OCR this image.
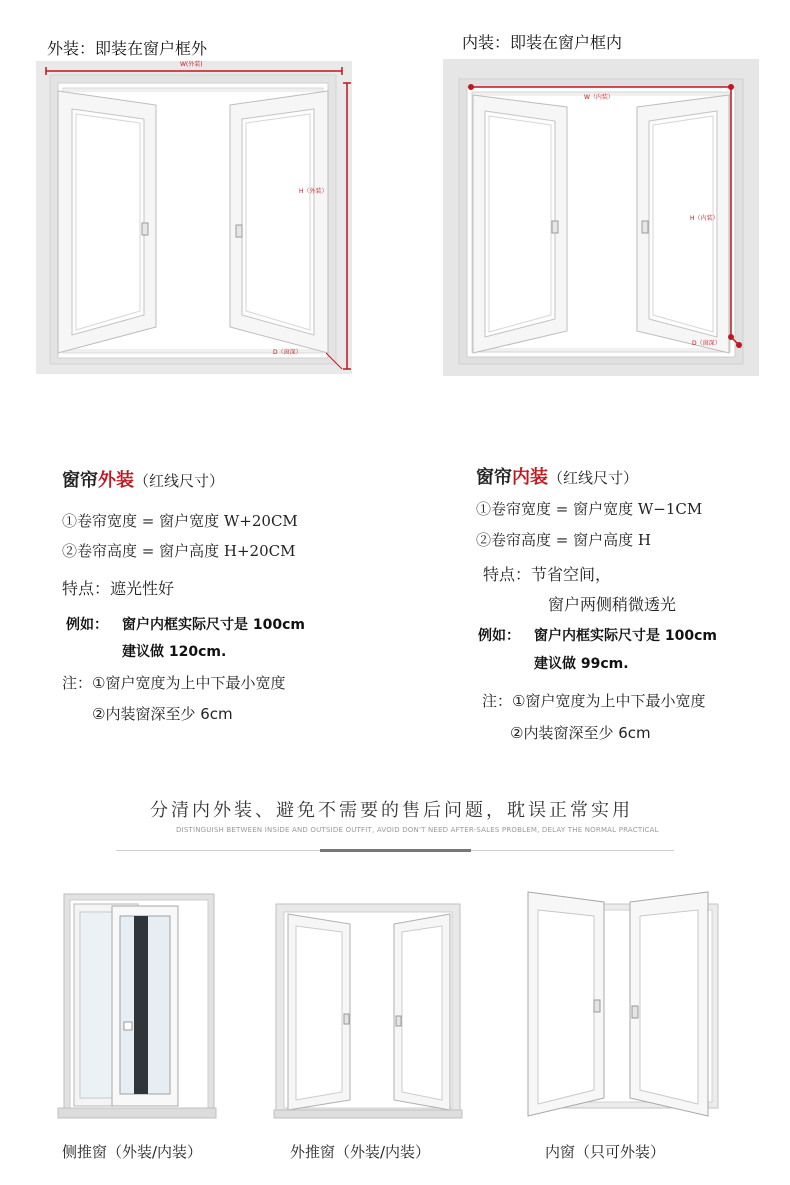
外装：即装在窗户框外	内装：即装在窗户框内
W(外装)
H（外装）
D（窗深）
W（内装）
H（内装）
D（窗深）
窗帘外装（红线尺寸）
①卷帘宽度 = 窗户宽度 W+20CM
②卷帘高度 = 窗户高度 H+20CM
特点：遮光性好
例如： 窗户内框实际尺寸是 100cm
建议做 120cm.
注：①窗户宽度为上中下最小宽度
②内装窗深至少 6cm
窗帘内装（红线尺寸）
①卷帘宽度 = 窗户宽度 W−1CM
②卷帘高度 = 窗户高度 H
特点：节省空间，
窗户两侧稍微透光
例如： 窗户内框实际尺寸是 100cm
建议做 99cm.
注：①窗户宽度为上中下最小宽度
②内装窗深至少 6cm
分清内外装、避免不需要的售后问题，耽误正常实用
DISTINGUISH BETWEEN INSIDE AND OUTSIDE OUTFIT, AVOID DON'T NEED AFTER-SALES PROBLEM, DELAY THE NORMAL PRACTICAL
侧推窗（外装/内装）	外推窗（外装/内装）	内窗（只可外装）
